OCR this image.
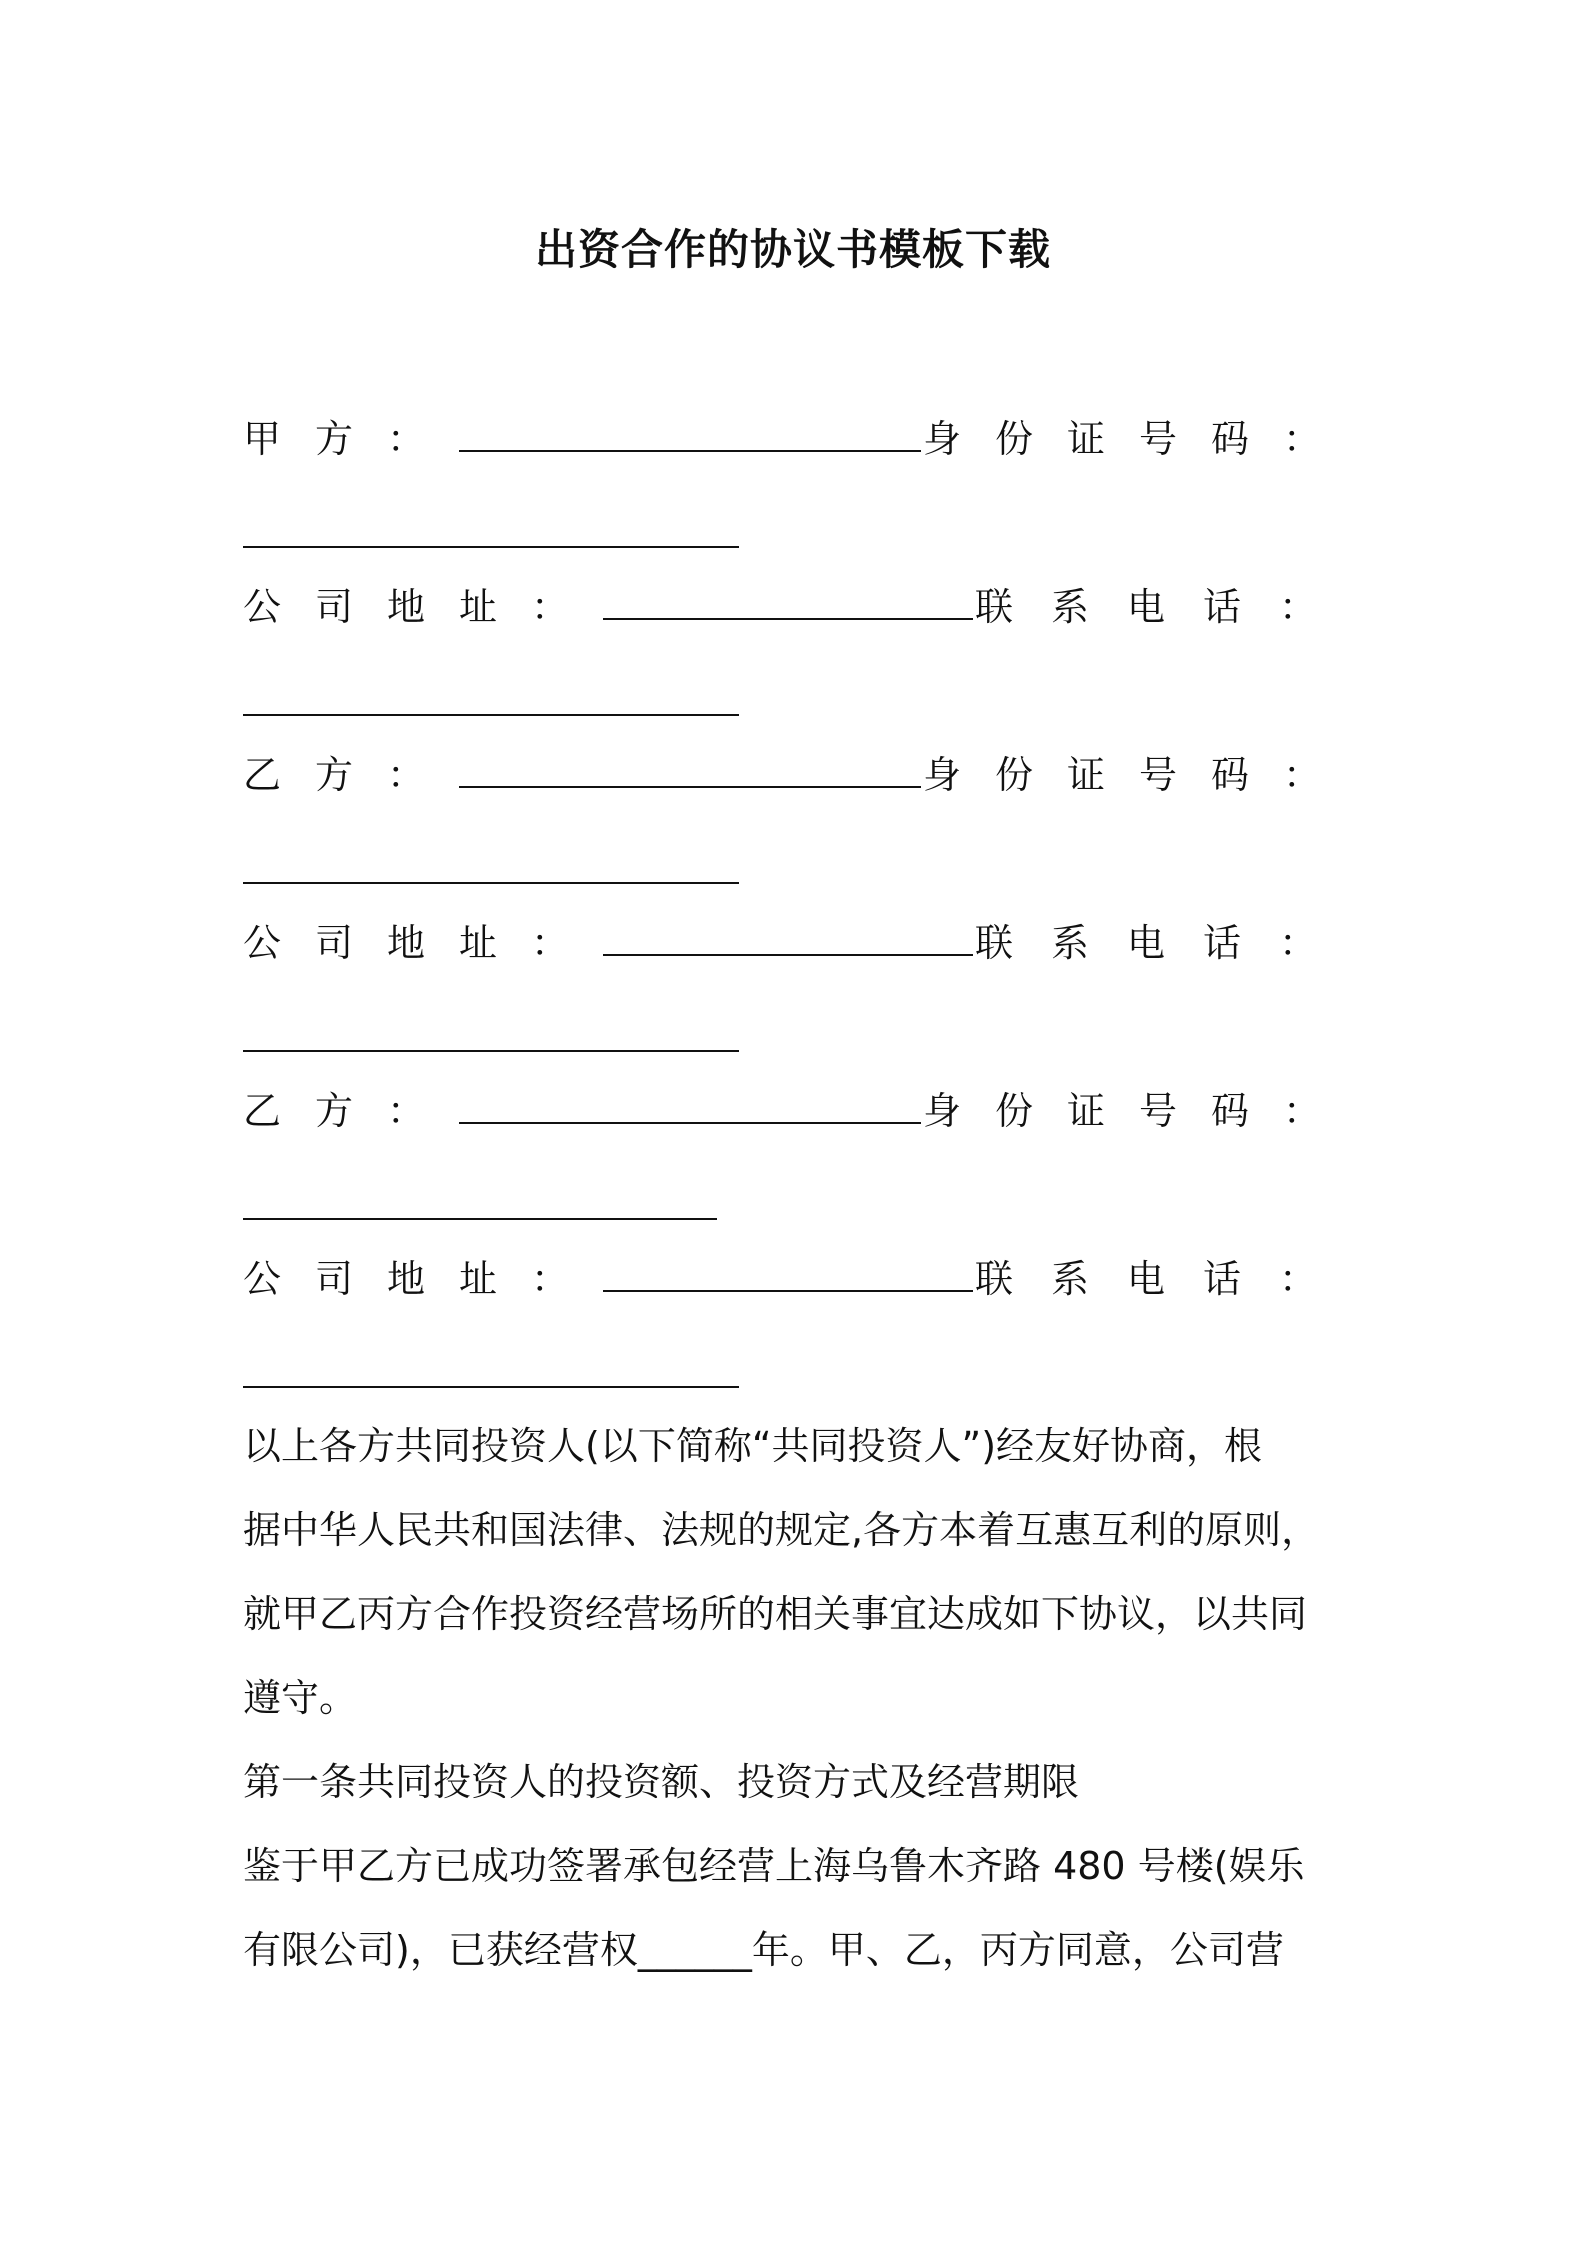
出资合作的协议书模板下载
甲方：	身份证号码：
公司地址：	联系电话：
乙方：	身份证号码：
公司地址：	联系电话：
乙方：	身份证号码：
公司地址：	联系电话：
以上各方共同投资人(以下简称“共同投资人”)经友好协商，根
据中华人民共和国法律、法规的规定,各方本着互惠互利的原则，
就甲乙丙方合作投资经营场所的相关事宜达成如下协议，以共同
遵守。
第一条共同投资人的投资额、投资方式及经营期限
鉴于甲乙方已成功签署承包经营上海乌鲁木齐路 480 号楼(娱乐
有限公司)，已获经营权______年。甲、乙，丙方同意，公司营
